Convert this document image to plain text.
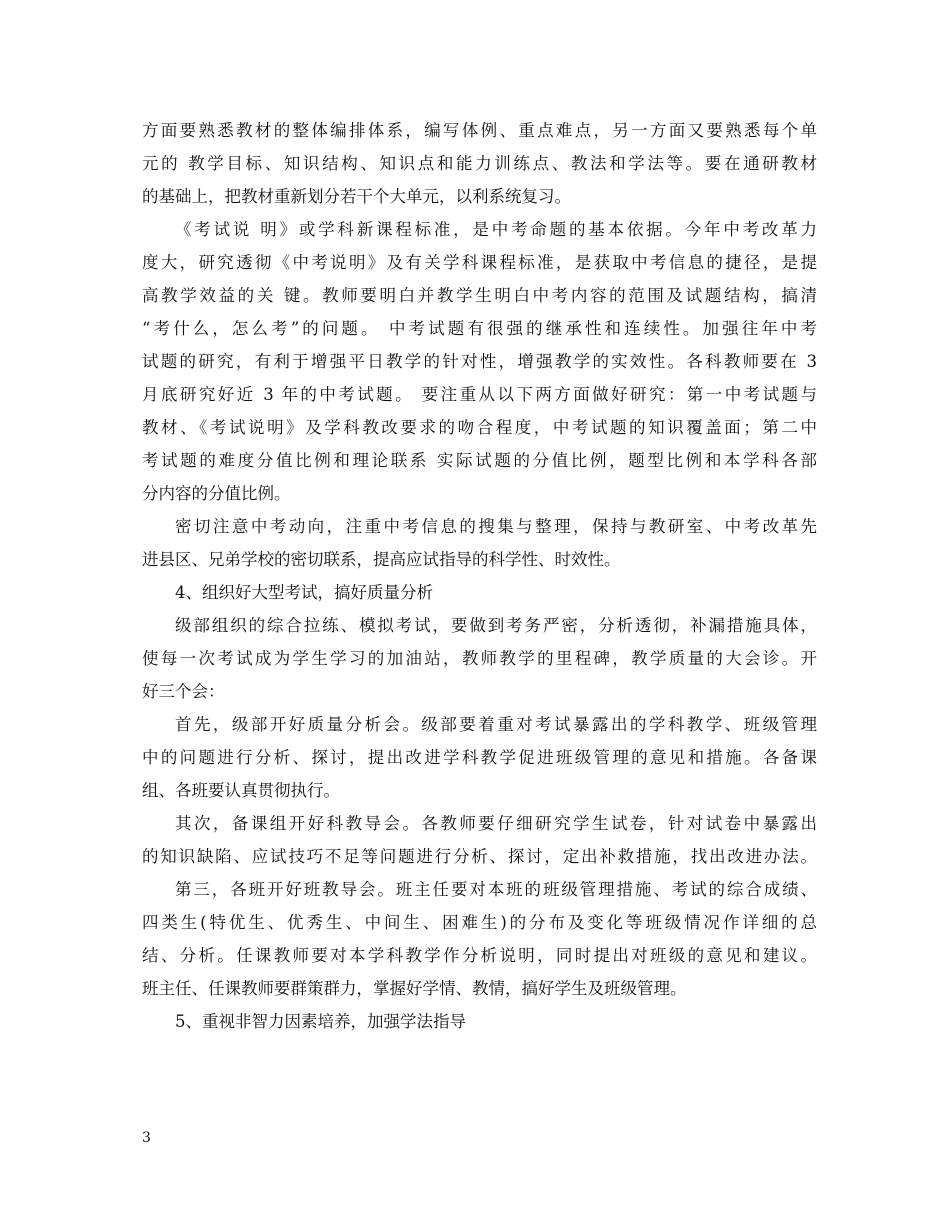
方面要熟悉教材的整体编排体系，编写体例、重点难点，另一方面又要熟悉每个单
元的 教学目标、知识结构、知识点和能力训练点、教法和学法等。要在通研教材
的基础上，把教材重新划分若干个大单元，以利系统复习。
《考试说 明》或学科新课程标准，是中考命题的基本依据。今年中考改革力
度大，研究透彻《中考说明》及有关学科课程标准，是获取中考信息的捷径，是提
高教学效益的关 键。教师要明白并教学生明白中考内容的范围及试题结构，搞清
“考什么，怎么考”的问题。 中考试题有很强的继承性和连续性。加强往年中考
试题的研究，有利于增强平日教学的针对性，增强教学的实效性。各科教师要在 3
月底研究好近 3 年的中考试题。 要注重从以下两方面做好研究：第一中考试题与
教材、《考试说明》及学科教改要求的吻合程度，中考试题的知识覆盖面；第二中
考试题的难度分值比例和理论联系 实际试题的分值比例，题型比例和本学科各部
分内容的分值比例。
密切注意中考动向，注重中考信息的搜集与整理，保持与教研室、中考改革先
进县区、兄弟学校的密切联系，提高应试指导的科学性、时效性。
4、组织好大型考试，搞好质量分析
级部组织的综合拉练、模拟考试，要做到考务严密，分析透彻，补漏措施具体，
使每一次考试成为学生学习的加油站，教师教学的里程碑，教学质量的大会诊。开
好三个会：
首先，级部开好质量分析会。级部要着重对考试暴露出的学科教学、班级管理
中的问题进行分析、探讨，提出改进学科教学促进班级管理的意见和措施。各备课
组、各班要认真贯彻执行。
其次，备课组开好科教导会。各教师要仔细研究学生试卷，针对试卷中暴露出
的知识缺陷、应试技巧不足等问题进行分析、探讨，定出补救措施，找出改进办法。
第三，各班开好班教导会。班主任要对本班的班级管理措施、考试的综合成绩、
四类生(特优生、优秀生、中间生、困难生)的分布及变化等班级情况作详细的总
结、分析。任课教师要对本学科教学作分析说明，同时提出对班级的意见和建议。
班主任、任课教师要群策群力，掌握好学情、教情，搞好学生及班级管理。
5、重视非智力因素培养，加强学法指导
3
